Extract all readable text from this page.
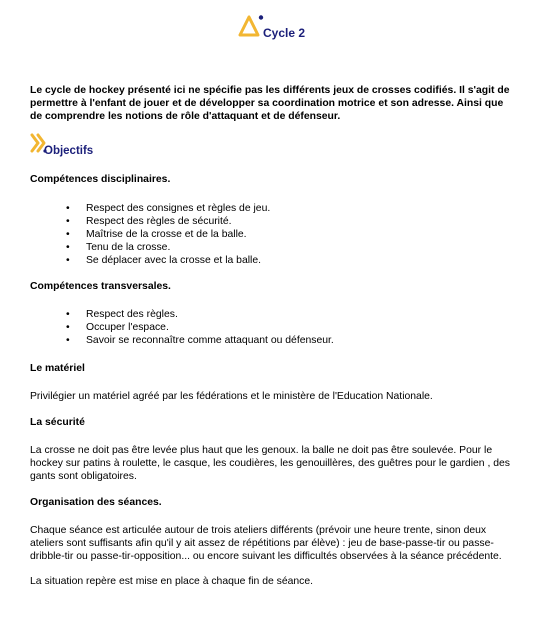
Cycle 2
Le cycle de hockey présenté ici ne spécifie pas les différents jeux de crosses codifiés. Il s'agit de permettre à l'enfant de jouer et de développer sa coordination motrice et son adresse. Ainsi que de comprendre les notions de rôle d'attaquant et de défenseur.
Objectifs
Compétences disciplinaires.
• Respect des consignes et règles de jeu.
• Respect des règles de sécurité.
• Maîtrise de la crosse et de la balle.
• Tenu de la crosse.
• Se déplacer avec la crosse et la balle.
Compétences transversales.
• Respect des règles.
• Occuper l'espace.
• Savoir se reconnaître comme attaquant ou défenseur.
Le matériel
Privilégier un matériel agréé par les fédérations et le ministère de l'Education Nationale.
La sécurité
La crosse ne doit pas être levée plus haut que les genoux. la balle ne doit pas être soulevée. Pour le hockey sur patins à roulette, le casque, les coudières, les genouillères, des guêtres pour le gardien , des gants sont obligatoires.
Organisation des séances.
Chaque séance est articulée autour de trois ateliers différents (prévoir une heure trente, sinon deux ateliers sont suffisants afin qu'il y ait assez de répétitions par élève) : jeu de base-passe-tir ou passe-dribble-tir ou passe-tir-opposition... ou encore suivant les difficultés observées à la séance précédente.
La situation repère est mise en place à chaque fin de séance.
